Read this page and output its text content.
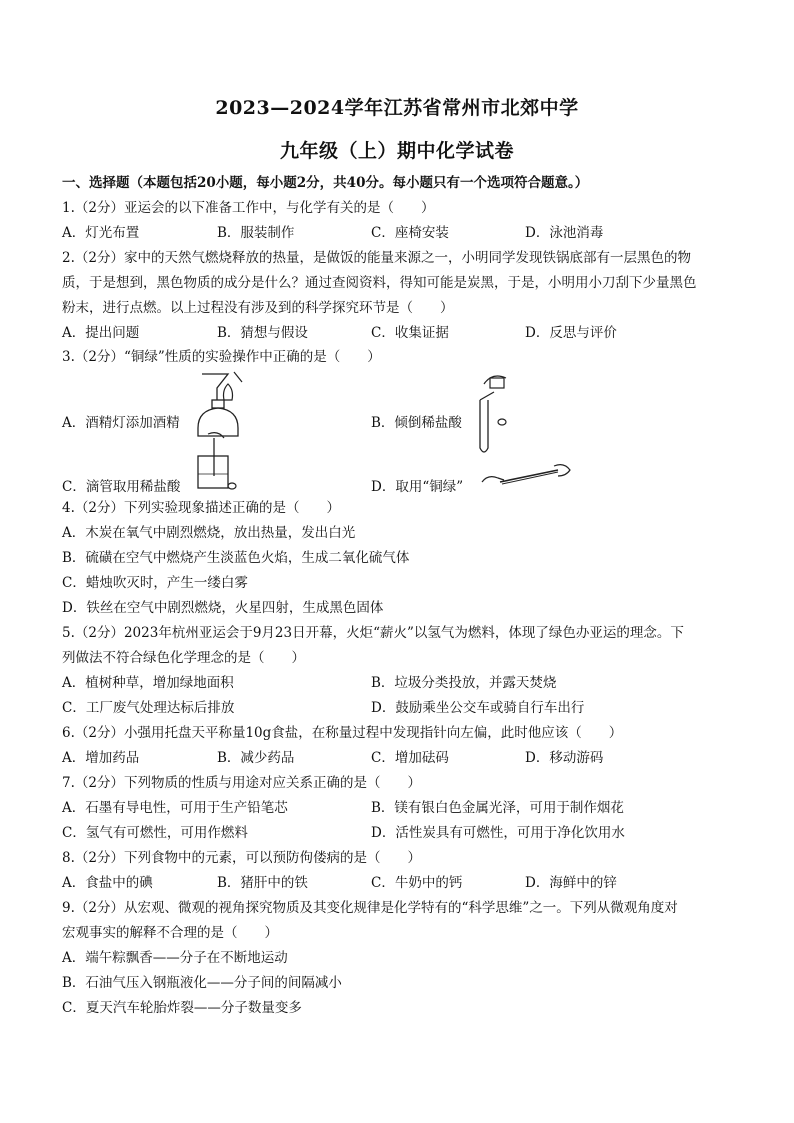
2023—2024学年江苏省常州市北郊中学
九年级（上）期中化学试卷
一、选择题（本题包括20小题，每小题2分，共40分。每小题只有一个选项符合题意。）
1.（2分）亚运会的以下准备工作中，与化学有关的是（　　）
A．灯光布置	B．服装制作	C．座椅安装	D．泳池消毒
2.（2分）家中的天然气燃烧释放的热量，是做饭的能量来源之一，小明同学发现铁锅底部有一层黑色的物
质，于是想到，黑色物质的成分是什么？通过查阅资料，得知可能是炭黑，于是，小明用小刀刮下少量黑色
粉末，进行点燃。以上过程没有涉及到的科学探究环节是（　　）
A．提出问题	B．猜想与假设	C．收集证据	D．反思与评价
3.（2分）“铜绿”性质的实验操作中正确的是（　　）
A．酒精灯添加酒精	B．倾倒稀盐酸
C．滴管取用稀盐酸	D．取用“铜绿”
4.（2分）下列实验现象描述正确的是（　　）
A．木炭在氧气中剧烈燃烧，放出热量，发出白光
B．硫磺在空气中燃烧产生淡蓝色火焰，生成二氧化硫气体
C．蜡烛吹灭时，产生一缕白雾
D．铁丝在空气中剧烈燃烧，火星四射，生成黑色固体
5.（2分）2023年杭州亚运会于9月23日开幕，火炬“薪火”以氢气为燃料，体现了绿色办亚运的理念。下
列做法不符合绿色化学理念的是（　　）
A．植树种草，增加绿地面积	B．垃圾分类投放，并露天焚烧
C．工厂废气处理达标后排放	D．鼓励乘坐公交车或骑自行车出行
6.（2分）小强用托盘天平称量10g食盐，在称量过程中发现指针向左偏，此时他应该（　　）
A．增加药品	B．减少药品	C．增加砝码	D．移动游码
7.（2分）下列物质的性质与用途对应关系正确的是（　　）
A．石墨有导电性，可用于生产铅笔芯	B．镁有银白色金属光泽，可用于制作烟花
C．氢气有可燃性，可用作燃料	D．活性炭具有可燃性，可用于净化饮用水
8.（2分）下列食物中的元素，可以预防佝偻病的是（　　）
A．食盐中的碘	B．猪肝中的铁	C．牛奶中的钙	D．海鲜中的锌
9.（2分）从宏观、微观的视角探究物质及其变化规律是化学特有的“科学思维”之一。下列从微观角度对
宏观事实的解释不合理的是（　　）
A．端午粽飘香——分子在不断地运动
B．石油气压入钢瓶液化——分子间的间隔减小
C．夏天汽车轮胎炸裂——分子数量变多
